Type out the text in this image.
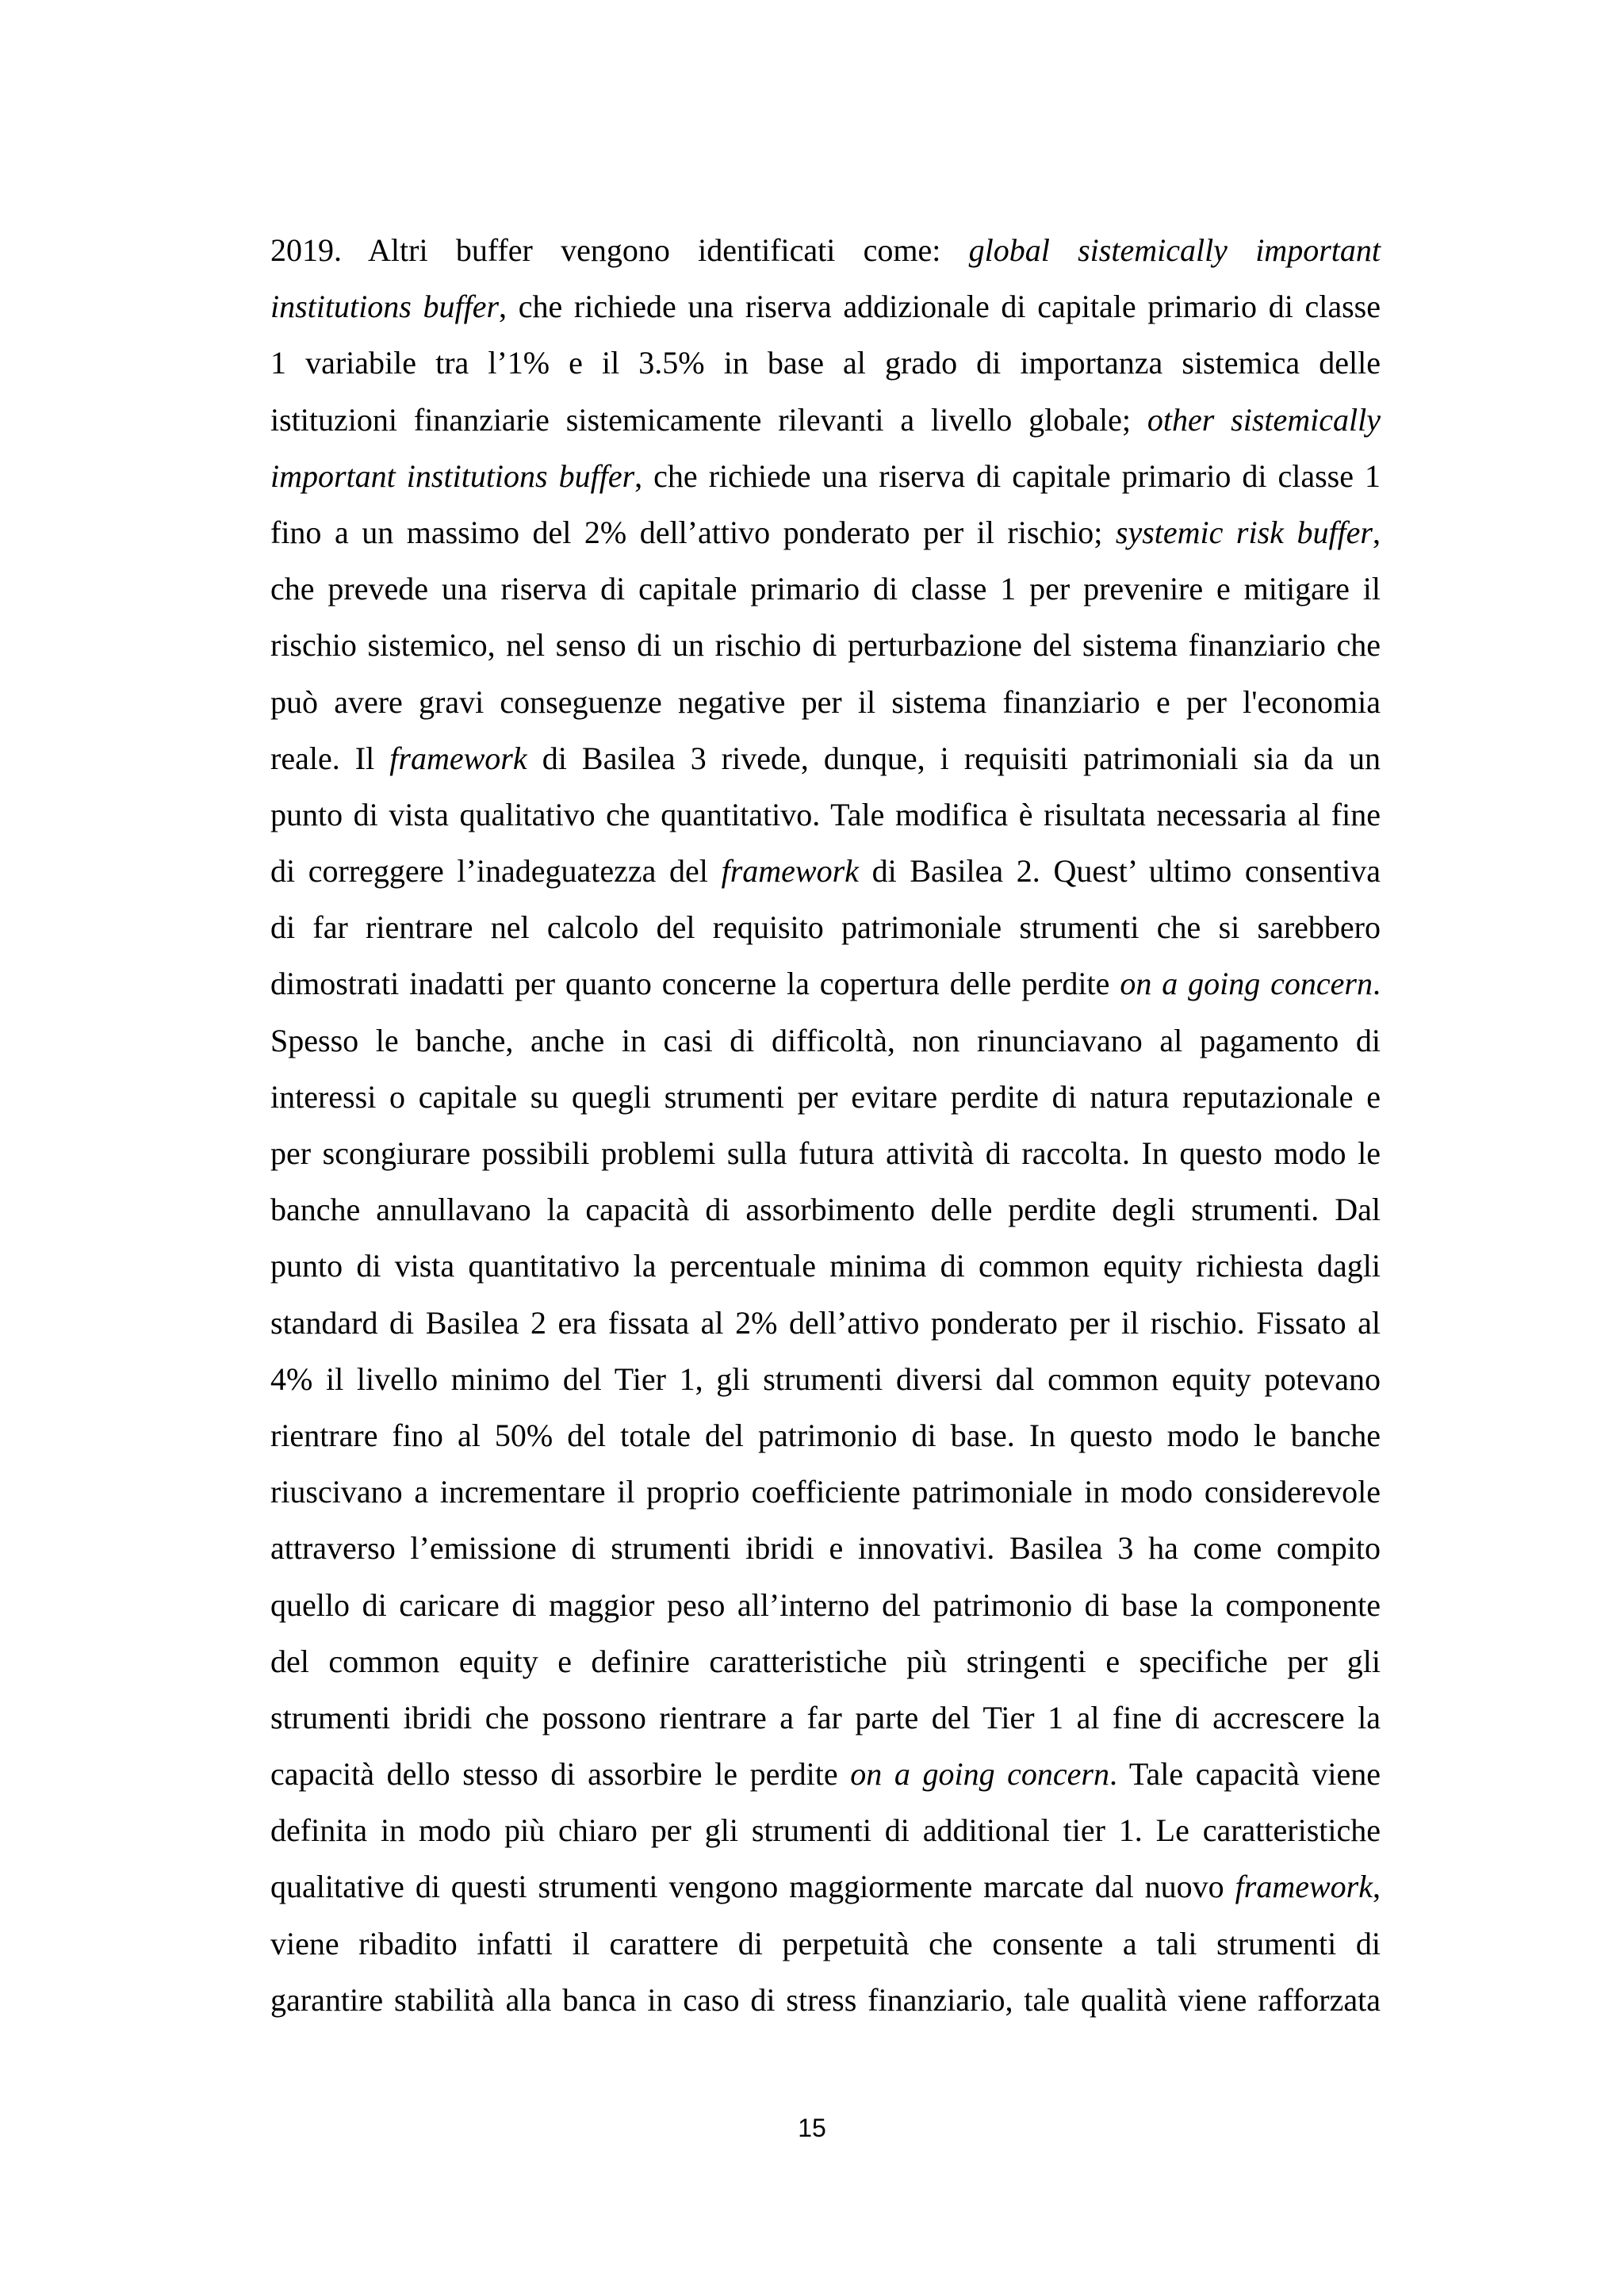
2019. Altri buffer vengono identificati come: global sistemically important
institutions buffer, che richiede una riserva addizionale di capitale primario di classe
1 variabile tra l’1% e il 3.5% in base al grado di importanza sistemica delle
istituzioni finanziarie sistemicamente rilevanti a livello globale; other sistemically
important institutions buffer, che richiede una riserva di capitale primario di classe 1
fino a un massimo del 2% dell’attivo ponderato per il rischio; systemic risk buffer,
che prevede una riserva di capitale primario di classe 1 per prevenire e mitigare il
rischio sistemico, nel senso di un rischio di perturbazione del sistema finanziario che
può avere gravi conseguenze negative per il sistema finanziario e per l'economia
reale. Il framework di Basilea 3 rivede, dunque, i requisiti patrimoniali sia da un
punto di vista qualitativo che quantitativo. Tale modifica è risultata necessaria al fine
di correggere l’inadeguatezza del framework di Basilea 2. Quest’ ultimo consentiva
di far rientrare nel calcolo del requisito patrimoniale strumenti che si sarebbero
dimostrati inadatti per quanto concerne la copertura delle perdite on a going concern.
Spesso le banche, anche in casi di difficoltà, non rinunciavano al pagamento di
interessi o capitale su quegli strumenti per evitare perdite di natura reputazionale e
per scongiurare possibili problemi sulla futura attività di raccolta. In questo modo le
banche annullavano la capacità di assorbimento delle perdite degli strumenti. Dal
punto di vista quantitativo la percentuale minima di common equity richiesta dagli
standard di Basilea 2 era fissata al 2% dell’attivo ponderato per il rischio. Fissato al
4% il livello minimo del Tier 1, gli strumenti diversi dal common equity potevano
rientrare fino al 50% del totale del patrimonio di base. In questo modo le banche
riuscivano a incrementare il proprio coefficiente patrimoniale in modo considerevole
attraverso l’emissione di strumenti ibridi e innovativi. Basilea 3 ha come compito
quello di caricare di maggior peso all’interno del patrimonio di base la componente
del common equity e definire caratteristiche più stringenti e specifiche per gli
strumenti ibridi che possono rientrare a far parte del Tier 1 al fine di accrescere la
capacità dello stesso di assorbire le perdite on a going concern. Tale capacità viene
definita in modo più chiaro per gli strumenti di additional tier 1. Le caratteristiche
qualitative di questi strumenti vengono maggiormente marcate dal nuovo framework,
viene ribadito infatti il carattere di perpetuità che consente a tali strumenti di
garantire stabilità alla banca in caso di stress finanziario, tale qualità viene rafforzata
15
